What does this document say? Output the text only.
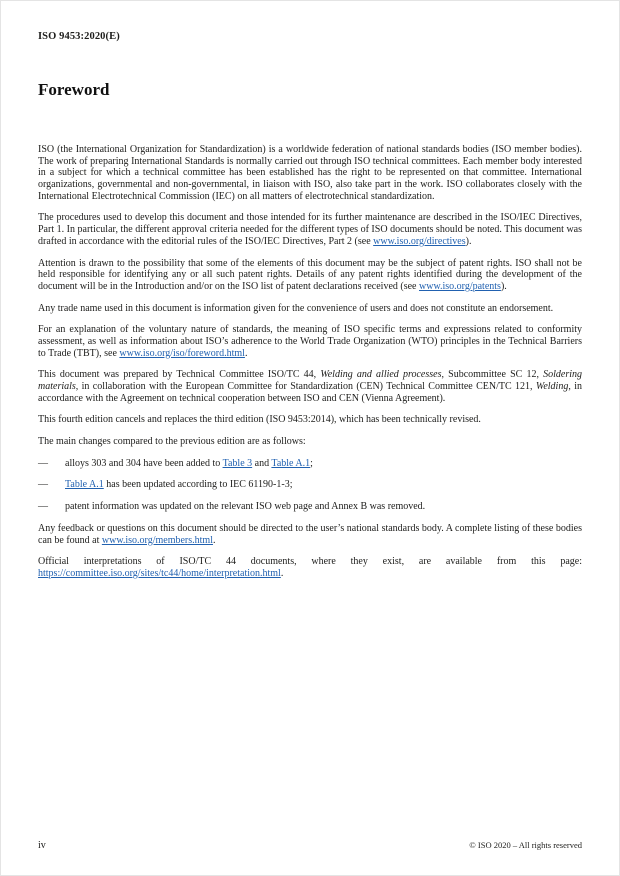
ISO 9453:2020(E)
Foreword
ISO (the International Organization for Standardization) is a worldwide federation of national standards bodies (ISO member bodies). The work of preparing International Standards is normally carried out through ISO technical committees. Each member body interested in a subject for which a technical committee has been established has the right to be represented on that committee. International organizations, governmental and non-governmental, in liaison with ISO, also take part in the work. ISO collaborates closely with the International Electrotechnical Commission (IEC) on all matters of electrotechnical standardization.
The procedures used to develop this document and those intended for its further maintenance are described in the ISO/IEC Directives, Part 1. In particular, the different approval criteria needed for the different types of ISO documents should be noted. This document was drafted in accordance with the editorial rules of the ISO/IEC Directives, Part 2 (see www.iso.org/directives).
Attention is drawn to the possibility that some of the elements of this document may be the subject of patent rights. ISO shall not be held responsible for identifying any or all such patent rights. Details of any patent rights identified during the development of the document will be in the Introduction and/or on the ISO list of patent declarations received (see www.iso.org/patents).
Any trade name used in this document is information given for the convenience of users and does not constitute an endorsement.
For an explanation of the voluntary nature of standards, the meaning of ISO specific terms and expressions related to conformity assessment, as well as information about ISO’s adherence to the World Trade Organization (WTO) principles in the Technical Barriers to Trade (TBT), see www.iso.org/iso/foreword.html.
This document was prepared by Technical Committee ISO/TC 44, Welding and allied processes, Subcommittee SC 12, Soldering materials, in collaboration with the European Committee for Standardization (CEN) Technical Committee CEN/TC 121, Welding, in accordance with the Agreement on technical cooperation between ISO and CEN (Vienna Agreement).
This fourth edition cancels and replaces the third edition (ISO 9453:2014), which has been technically revised.
The main changes compared to the previous edition are as follows:
— alloys 303 and 304 have been added to Table 3 and Table A.1;
— Table A.1 has been updated according to IEC 61190-1-3;
— patent information was updated on the relevant ISO web page and Annex B was removed.
Any feedback or questions on this document should be directed to the user’s national standards body. A complete listing of these bodies can be found at www.iso.org/members.html.
Official interpretations of ISO/TC 44 documents, where they exist, are available from this page: https://committee.iso.org/sites/tc44/home/interpretation.html.
iv	© ISO 2020 – All rights reserved
